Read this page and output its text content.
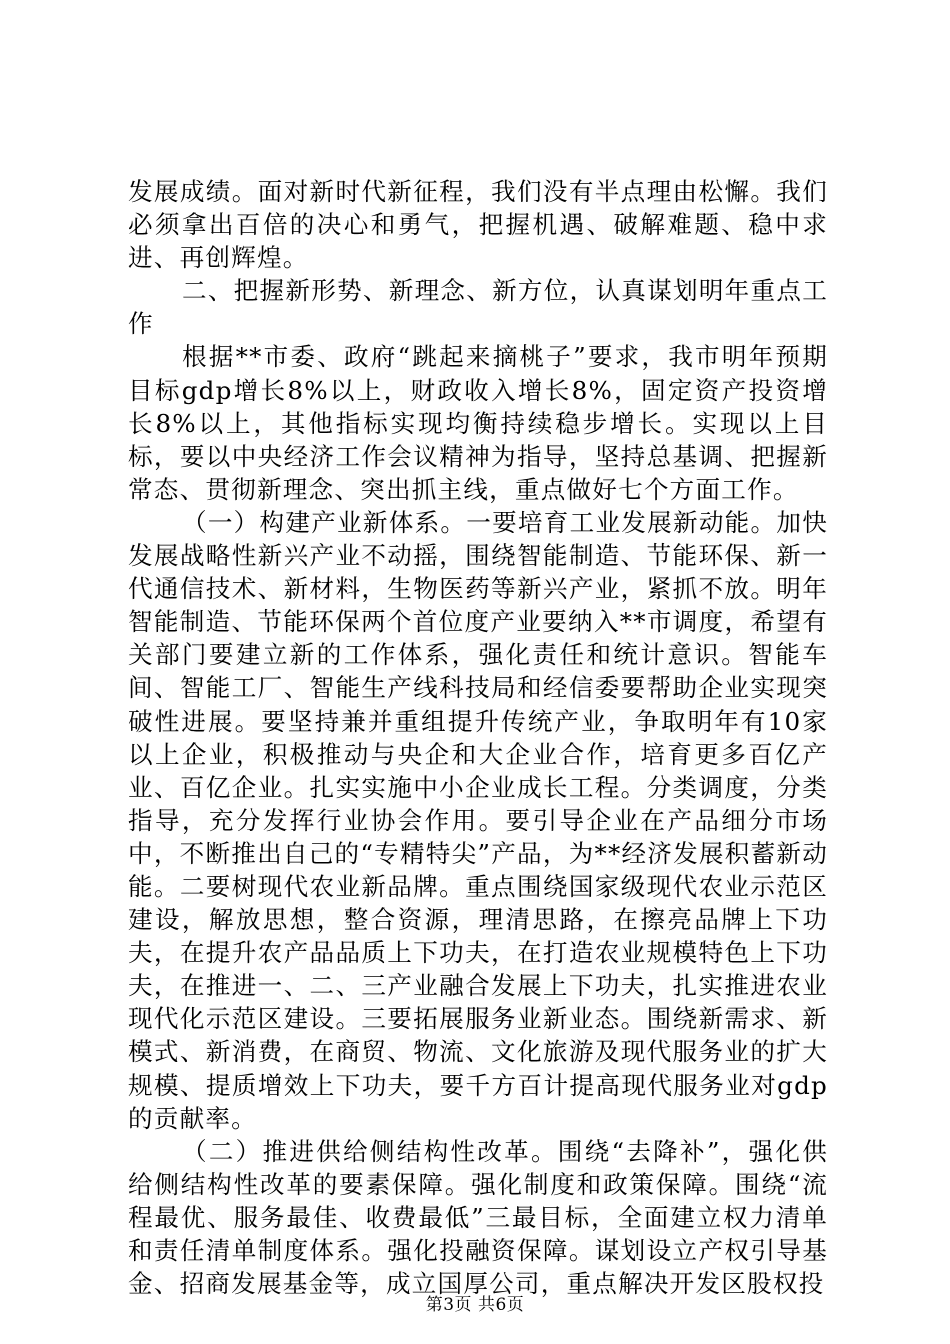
发展成绩。面对新时代新征程，我们没有半点理由松懈。我们必须拿出百倍的决心和勇气，把握机遇、破解难题、稳中求进、再创辉煌。

二、把握新形势、新理念、新方位，认真谋划明年重点工作

根据**市委、政府“跳起来摘桃子”要求，我市明年预期目标gdp增长8%以上，财政收入增长8%，固定资产投资增长8%以上，其他指标实现均衡持续稳步增长。实现以上目标，要以中央经济工作会议精神为指导，坚持总基调、把握新常态、贯彻新理念、突出抓主线，重点做好七个方面工作。

（一）构建产业新体系。一要培育工业发展新动能。加快发展战略性新兴产业不动摇，围绕智能制造、节能环保、新一代通信技术、新材料，生物医药等新兴产业，紧抓不放。明年智能制造、节能环保两个首位度产业要纳入**市调度，希望有关部门要建立新的工作体系，强化责任和统计意识。智能车间、智能工厂、智能生产线科技局和经信委要帮助企业实现突破性进展。要坚持兼并重组提升传统产业，争取明年有10家以上企业，积极推动与央企和大企业合作，培育更多百亿产业、百亿企业。扎实实施中小企业成长工程。分类调度，分类指导，充分发挥行业协会作用。要引导企业在产品细分市场中，不断推出自己的“专精特尖”产品，为**经济发展积蓄新动能。二要树现代农业新品牌。重点围绕国家级现代农业示范区建设，解放思想，整合资源，理清思路，在擦亮品牌上下功夫，在提升农产品品质上下功夫，在打造农业规模特色上下功夫，在推进一、二、三产业融合发展上下功夫，扎实推进农业现代化示范区建设。三要拓展服务业新业态。围绕新需求、新模式、新消费，在商贸、物流、文化旅游及现代服务业的扩大规模、提质增效上下功夫，要千方百计提高现代服务业对gdp的贡献率。

（二）推进供给侧结构性改革。围绕“去降补”，强化供给侧结构性改革的要素保障。强化制度和政策保障。围绕“流程最优、服务最佳、收费最低”三最目标，全面建立权力清单和责任清单制度体系。强化投融资保障。谋划设立产权引导基金、招商发展基金等，成立国厚公司，重点解决开发区股权投

第3页 共6页
